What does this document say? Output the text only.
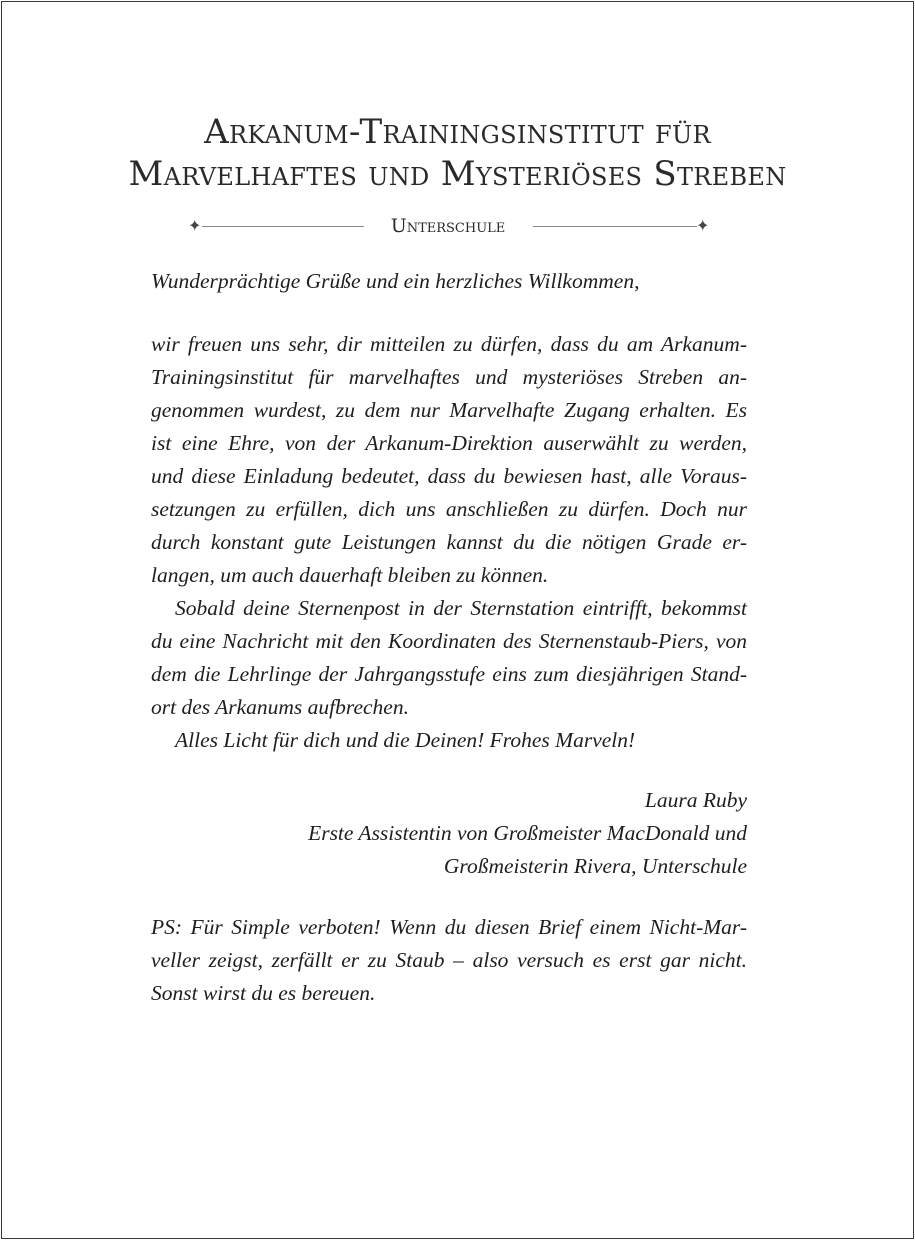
Arkanum-Trainingsinstitut für
Marvelhaftes und Mysteriöses Streben
✦	Unterschule	✦
Wunderprächtige Grüße und ein herzliches Willkommen,
wir freuen uns sehr, dir mitteilen zu dürfen, dass du am Arkanum-
Trainingsinstitut für marvelhaftes und mysteriöses Streben an-
genommen wurdest, zu dem nur Marvelhafte Zugang erhalten. Es
ist eine Ehre, von der Arkanum-Direktion auserwählt zu werden,
und diese Einladung bedeutet, dass du bewiesen hast, alle Voraus-
setzungen zu erfüllen, dich uns anschließen zu dürfen. Doch nur
durch konstant gute Leistungen kannst du die nötigen Grade er-
langen, um auch dauerhaft bleiben zu können.
Sobald deine Sternenpost in der Sternstation eintrifft, bekommst
du eine Nachricht mit den Koordinaten des Sternenstaub-Piers, von
dem die Lehrlinge der Jahrgangsstufe eins zum diesjährigen Stand-
ort des Arkanums aufbrechen.
Alles Licht für dich und die Deinen! Frohes Marveln!
Laura Ruby
Erste Assistentin von Großmeister MacDonald und
Großmeisterin Rivera, Unterschule
PS: Für Simple verboten! Wenn du diesen Brief einem Nicht-Mar-
veller zeigst, zerfällt er zu Staub – also versuch es erst gar nicht.
Sonst wirst du es bereuen.
